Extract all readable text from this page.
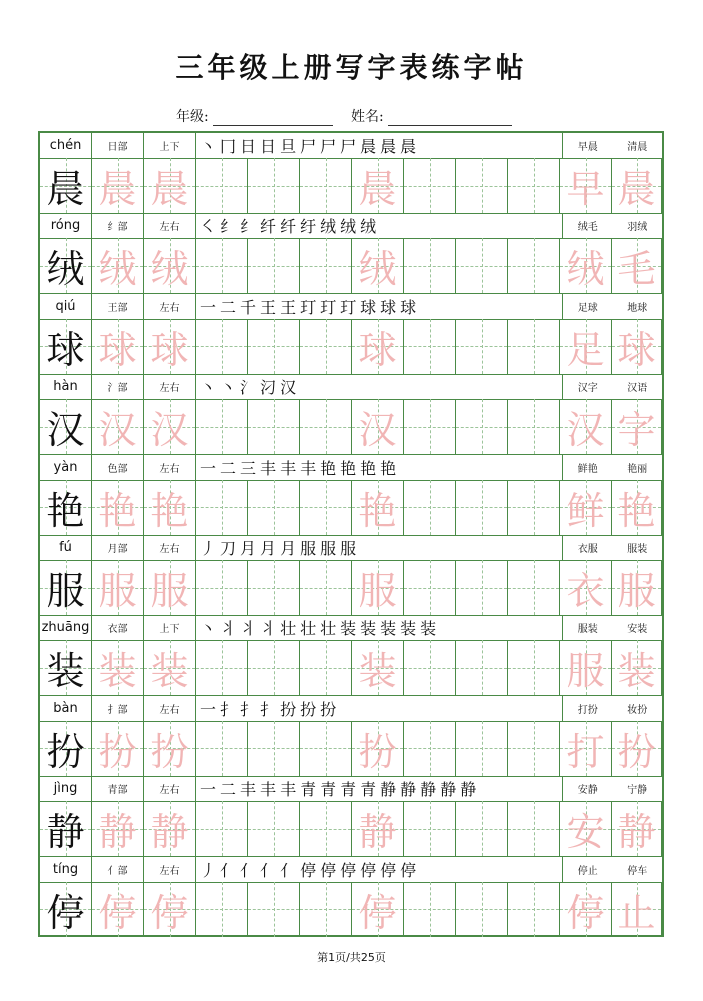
三年级上册写字表练字帖
年级:	姓名:
chén	日部	上下	丶 冂 日 日 旦 尸 尸 尸 晨 晨 晨	早晨	清晨
晨 晨 晨	晨	早 晨
róng	纟部	左右	㇛ 纟 纟 纤 纤 纡 绒 绒 绒	绒毛	羽绒
绒 绒 绒	绒	绒 毛
qiú	王部	左右	一 二 千 王 王 玎 玎 玎 球 球 球	足球	地球
球 球 球	球	足 球
hàn	氵部	左右	丶 丶 氵 汈 汉	汉字	汉语
汉 汉 汉	汉	汉 字
yàn	色部	左右	一 二 三 丰 丰 丰 艳 艳 艳 艳	鲜艳	艳丽
艳 艳 艳	艳	鲜 艳
fú	月部	左右	丿 刀 月 月 月 服 服 服	衣服	服装
服 服 服	服	衣 服
zhuāng	衣部	上下	丶 丬 丬 丬 壮 壮 壮 装 装 装 装 装	服装	安装
装 装 装	装	服 装
bàn	扌部	左右	一 扌 扌 扌 扮 扮 扮	打扮	妆扮
扮 扮 扮	扮	打 扮
jìng	青部	左右	一 二 丰 丰 丰 青 青 青 青 静 静 静 静 静	安静	宁静
静 静 静	静	安 静
tíng	亻部	左右	丿 亻 亻 亻 亻 停 停 停 停 停 停	停止	停车
停 停 停	停	停 止
第1页/共25页
